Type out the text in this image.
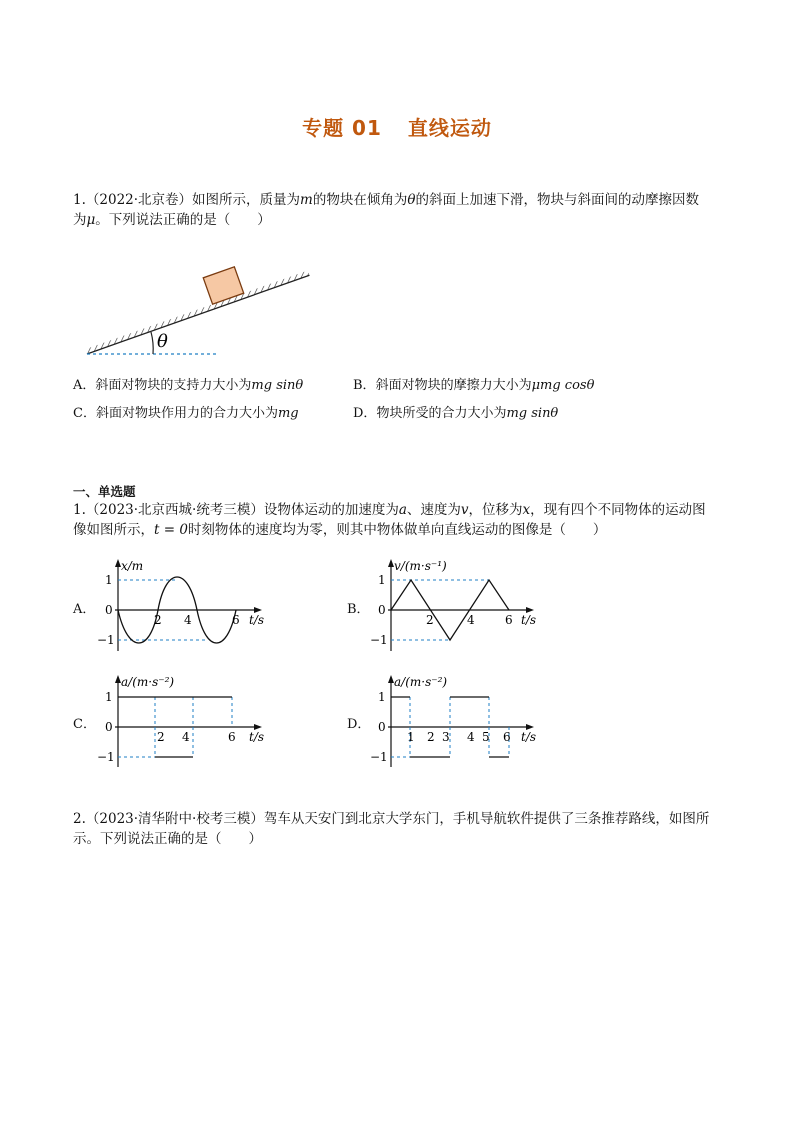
专题 01 直线运动
1.（2022·北京卷）如图所示，质量为m的物块在倾角为θ的斜面上加速下滑，物块与斜面间的动摩擦因数
为μ。下列说法正确的是（　　）
θ
A．斜面对物块的支持力大小为mg sinθ	B．斜面对物块的摩擦力大小为μmg cosθ
C．斜面对物块作用力的合力大小为mg	D．物块所受的合力大小为mg sinθ
一、单选题
1.（2023·北京西城·统考三模）设物体运动的加速度为a、速度为v，位移为x，现有四个不同物体的运动图
像如图所示，t = 0时刻物体的速度均为零，则其中物体做单向直线运动的图像是（　　）
A．	B．
C．	D．
x/m
1
0
−1
2 4	6 t/s
v/(m·s⁻¹)
1
0
−1
2	4	6 t/s
a/(m·s⁻²)
1
0
−1
2 4	6 t/s
a/(m·s⁻²)
1
0
−1
1 2 3 4 5 6 t/s
2.（2023·清华附中·校考三模）驾车从天安门到北京大学东门，手机导航软件提供了三条推荐路线，如图所
示。下列说法正确的是（　　）
